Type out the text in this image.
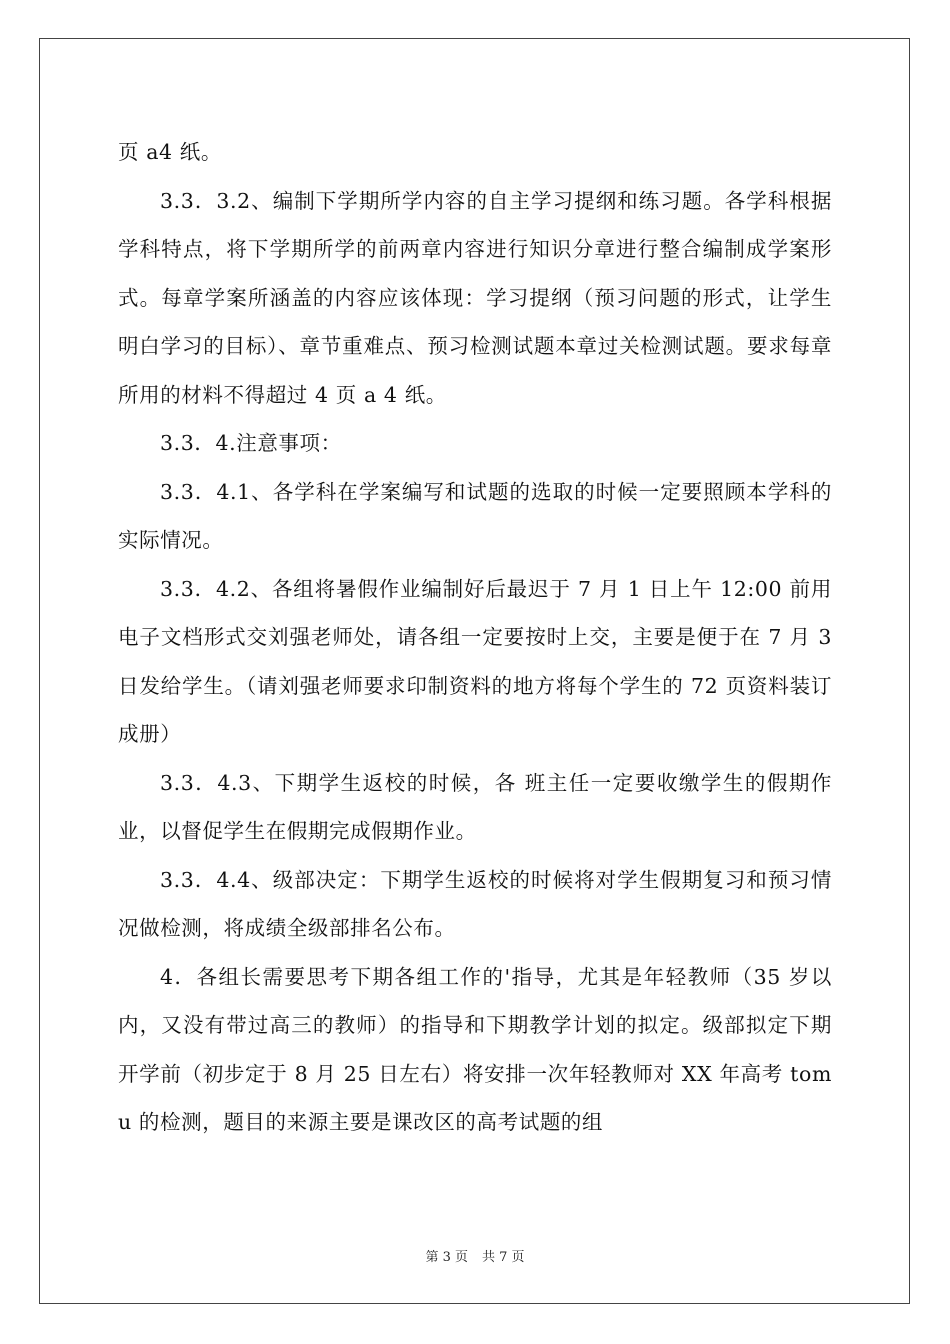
页 a4 纸。

3.3．3.2、编制下学期所学内容的自主学习提纲和练习题。各学科根据学科特点，将下学期所学的前两章内容进行知识分章进行整合编制成学案形式。每章学案所涵盖的内容应该体现：学习提纲（预习问题的形式，让学生明白学习的目标）、章节重难点、预习检测试题本章过关检测试题。要求每章所用的材料不得超过 4 页 a 4 纸。

3.3．4.注意事项：

3.3．4.1、各学科在学案编写和试题的选取的时候一定要照顾本学科的实际情况。

3.3．4.2、各组将暑假作业编制好后最迟于 7 月 1 日上午 12:00 前用电子文档形式交刘强老师处，请各组一定要按时上交，主要是便于在 7 月 3 日发给学生。（请刘强老师要求印制资料的地方将每个学生的 72 页资料装订成册）

3.3．4.3、下期学生返校的时候，各 班主任一定要收缴学生的假期作业，以督促学生在假期完成假期作业。

3.3．4.4、级部决定：下期学生返校的时候将对学生假期复习和预习情况做检测，将成绩全级部排名公布。

4．各组长需要思考下期各组工作的'指导，尤其是年轻教师（35 岁以内，又没有带过高三的教师）的指导和下期教学计划的拟定。级部拟定下期开学前（初步定于 8 月 25 日左右）将安排一次年轻教师对 XX 年高考 tomu 的检测，题目的来源主要是课改区的高考试题的组

第 3 页 共 7 页
